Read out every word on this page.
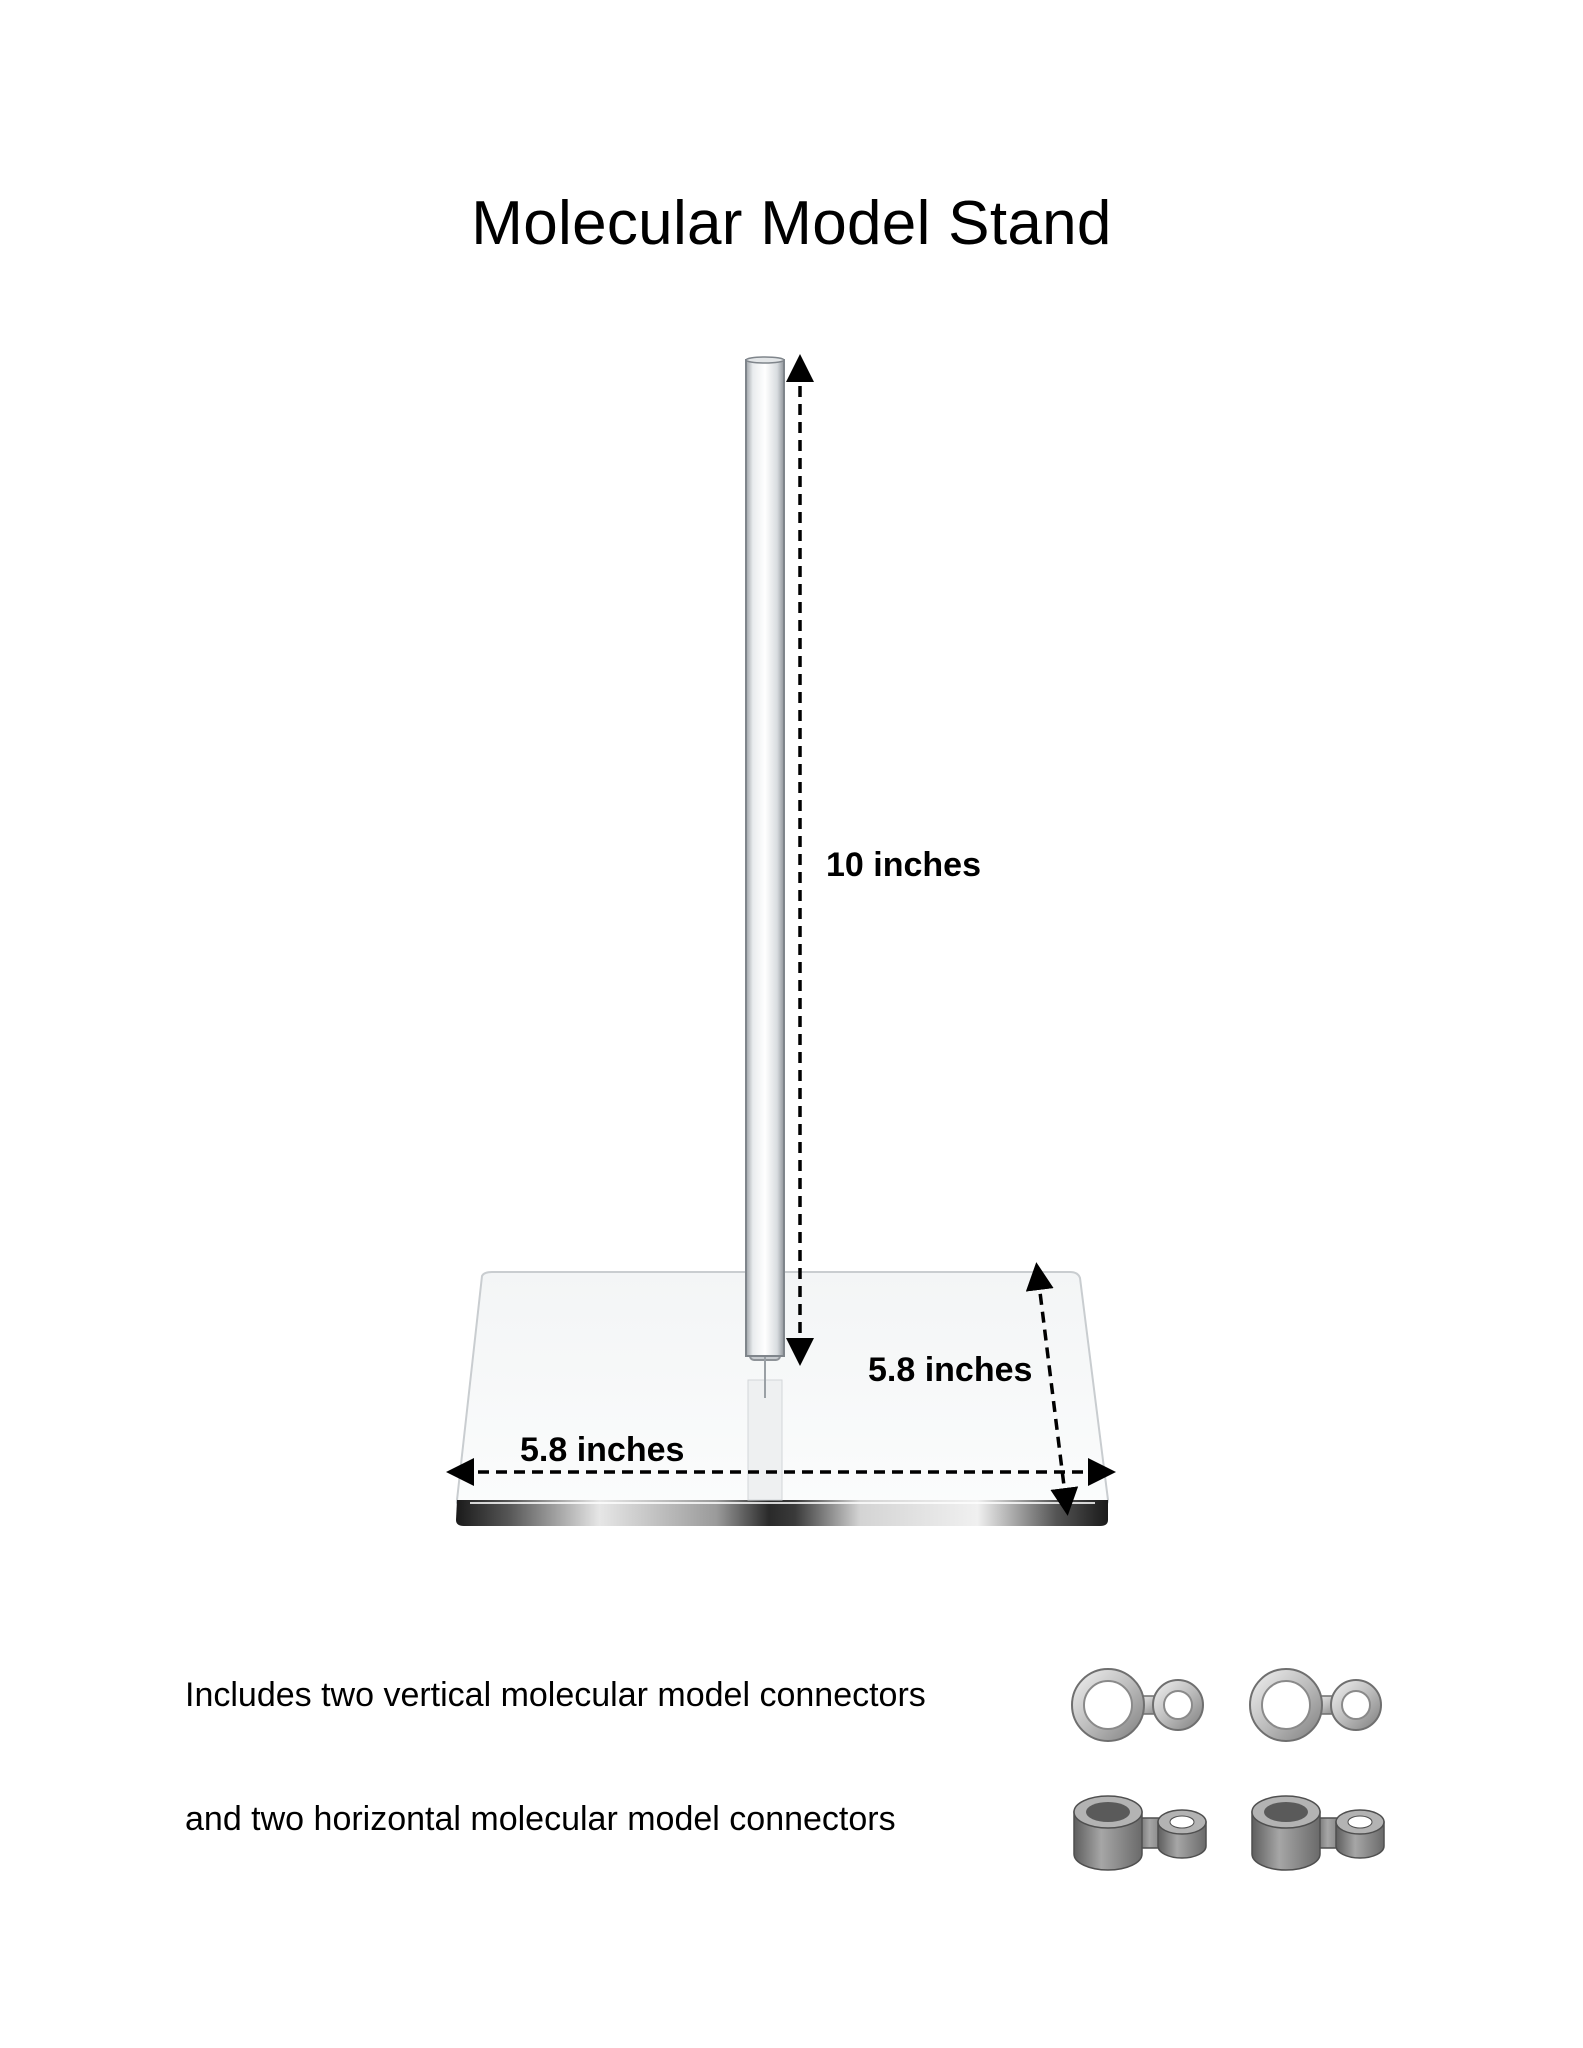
Molecular Model Stand
10 inches
5.8 inches
5.8 inches
Includes two vertical molecular model connectors
and two horizontal molecular model connectors
